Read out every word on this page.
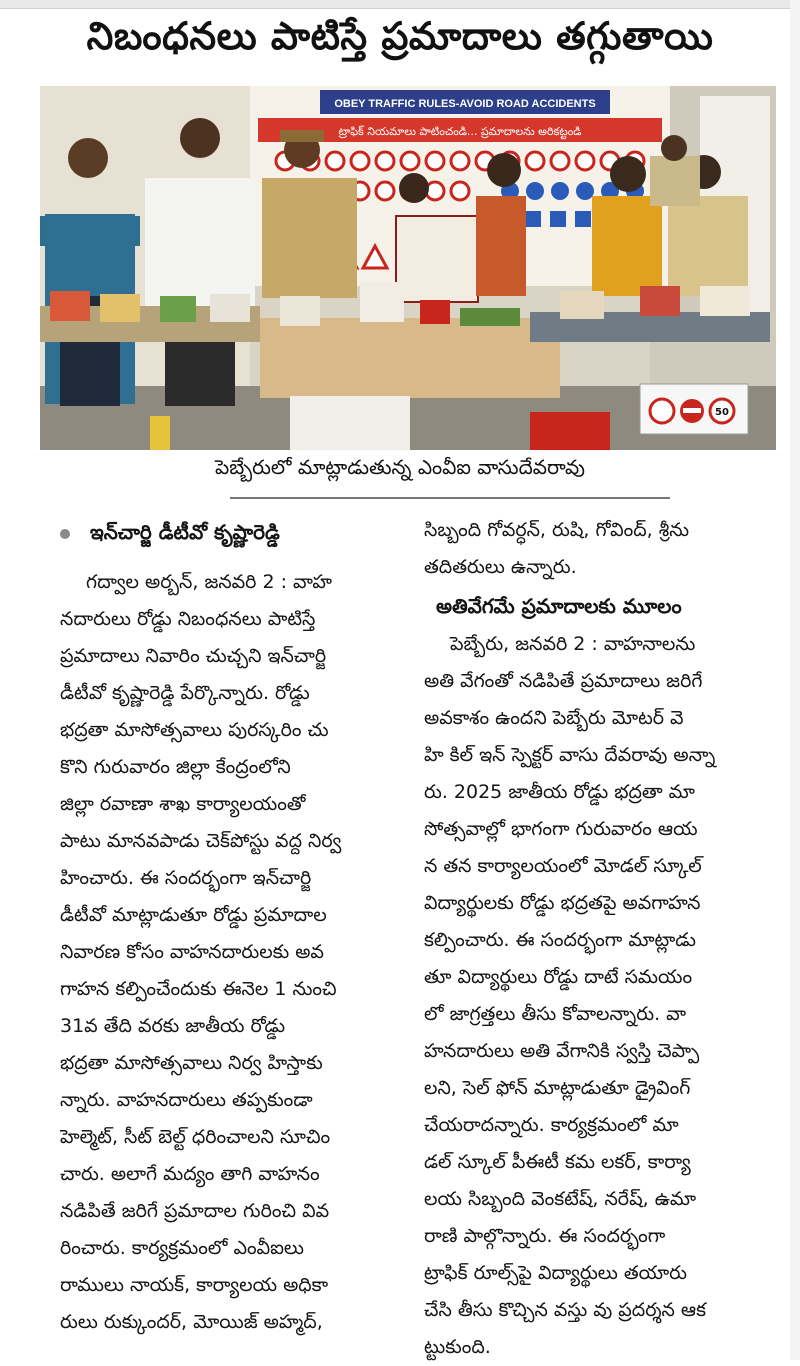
నిబంధనలు పాటిస్తే ప్రమాదాలు తగ్గుతాయి
OBEY TRAFFIC RULES-AVOID ROAD ACCIDENTS
ట్రాఫిక్ నియమాలు పాటించండి... ప్రమాదాలను అరికట్టండి
50
పెబ్బేరులో మాట్లాడుతున్న ఎంవీఐ వాసుదేవరావు
ఇన్‌చార్జి డీటీవో కృష్ణారెడ్డి
గద్వాల అర్బన్, జనవరి 2 : వాహ
నదారులు రోడ్డు నిబంధనలు పాటిస్తే
ప్రమాదాలు నివారిం చుచ్చని ఇన్‌చార్జి
డీటీవో కృష్ణారెడ్డి పేర్కొన్నారు. రోడ్డు
భద్రతా మాసోత్సవాలు పురస్కరిం చు
కొని గురువారం జిల్లా కేంద్రంలోని
జిల్లా రవాణా శాఖ కార్యాలయంతో
పాటు మానవపాడు చెక్‌పోస్టు వద్ద నిర్వ
హించారు. ఈ సందర్భంగా ఇన్‌చార్జి
డీటీవో మాట్లాడుతూ రోడ్డు ప్రమాదాల
నివారణ కోసం వాహనదారులకు అవ
గాహన కల్పించేందుకు ఈనెల 1 నుంచి
31వ తేది వరకు జాతీయ రోడ్డు
భద్రతా మాసోత్సవాలు నిర్వ హిస్తాకు
న్నారు. వాహనదారులు తప్పకుండా
హెల్మెట్, సీట్ బెల్ట్ ధరించాలని సూచిం
చారు. అలాగే మద్యం తాగి వాహనం
నడిపితే జరిగే ప్రమాదాల గురించి వివ
రించారు. కార్యక్రమంలో ఎంవీఐలు
రాములు నాయక్, కార్యాలయ అధికా
రులు రుక్కుందర్, మోయిజ్ అహ్మద్,
సిబ్బంది గోవర్ధన్, రుషి, గోవింద్, శ్రీను
తదితరులు ఉన్నారు.
అతివేగమే ప్రమాదాలకు మూలం
పెబ్బేరు, జనవరి 2 : వాహనాలను
అతి వేగంతో నడిపితే ప్రమాదాలు జరిగే
అవకాశం ఉందని పెబ్బేరు మోటర్ వె
హి కిల్ ఇన్ స్పెక్టర్ వాసు దేవరావు అన్నా
రు. 2025 జాతీయ రోడ్డు భద్రతా మా
సోత్సవాల్లో భాగంగా గురువారం ఆయ
న తన కార్యాలయంలో మోడల్ స్కూల్
విద్యార్థులకు రోడ్డు భద్రతపై అవగాహన
కల్పించారు. ఈ సందర్భంగా మాట్లాడు
తూ విద్యార్థులు రోడ్డు దాటే సమయం
లో జాగ్రత్తలు తీసు కోవాలన్నారు. వా
హనదారులు అతి వేగానికి స్వస్తి చెప్పా
లని, సెల్ ఫోన్ మాట్లాడుతూ డ్రైవింగ్
చేయరాదన్నారు. కార్యక్రమంలో మా
డల్ స్కూల్ పీఈటీ కమ లకర్, కార్యా
లయ సిబ్బంది వెంకటేష్, నరేష్, ఉమా
రాణి పాల్గొన్నారు. ఈ సందర్భంగా
ట్రాఫిక్ రూల్స్‌పై విద్యార్థులు తయారు
చేసి తీసు కొచ్చిన వస్తు వు ప్రదర్శన ఆక
ట్టుకుంది.
